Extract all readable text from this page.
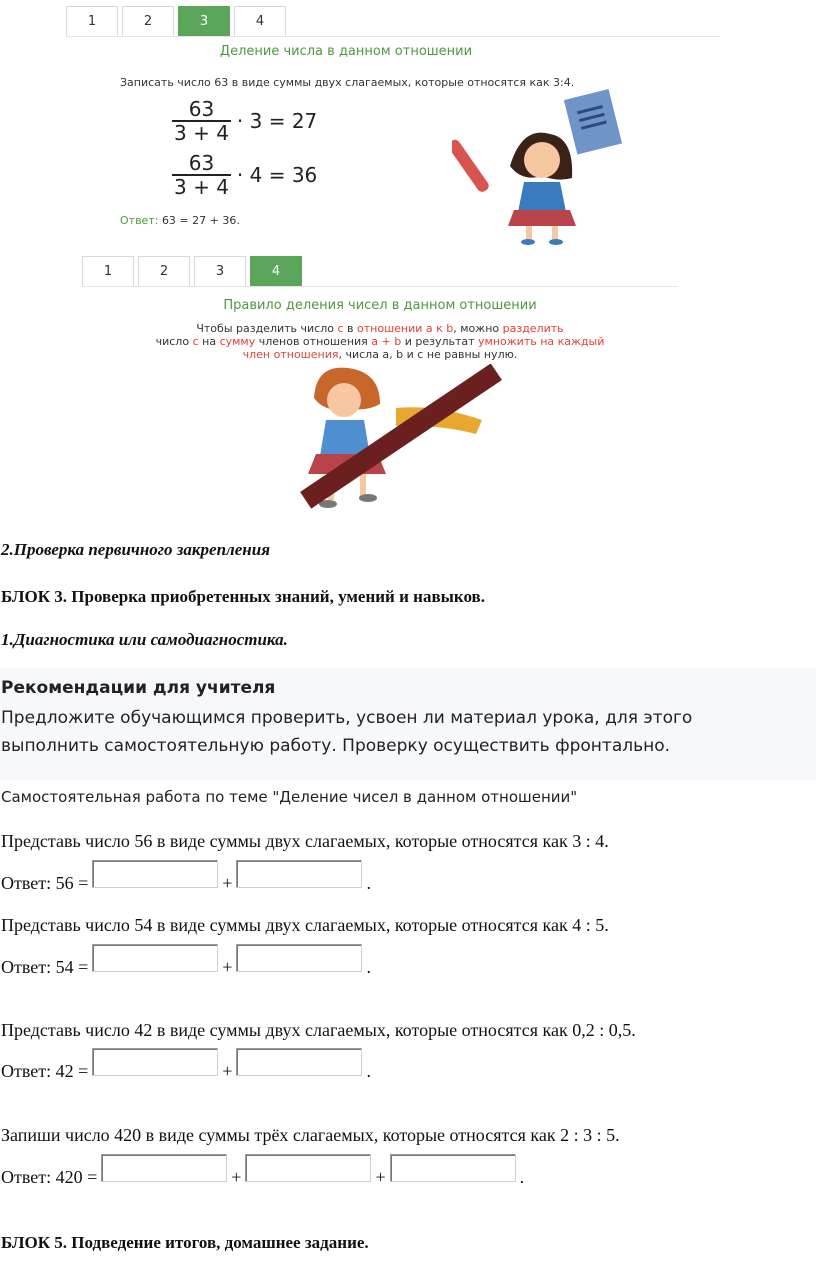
1	2	3	4
Деление числа в данном отношении
Записать число 63 в виде суммы двух слагаемых, которые относятся как 3:4.
$\frac{63}{3 + 4} \cdot 3 = 27$
$\frac{63}{3 + 4} \cdot 4 = 36$
Ответ: 63 = 27 + 36.
1	2	3	4
Правило деления чисел в данном отношении
Чтобы разделить число c в отношении a к b, можно разделить
число c на сумму членов отношения a + b и результат умножить на каждый
член отношения, числа a, b и c не равны нулю.
2.Проверка первичного закрепления
БЛОК 3. Проверка приобретенных знаний, умений и навыков.
1.Диагностика или самодиагностика.
Рекомендации для учителя
Предложите обучающимся проверить, усвоен ли материал урока, для этого
выполнить самостоятельную работу. Проверку осуществить фронтально.
Самостоятельная работа по теме "Деление чисел в данном отношении"
Представь число 56 в виде суммы двух слагаемых, которые относятся как 3 : 4.
Ответ: 56 =	+	.
Представь число 54 в виде суммы двух слагаемых, которые относятся как 4 : 5.
Ответ: 54 =	+	.
Представь число 42 в виде суммы двух слагаемых, которые относятся как 0,2 : 0,5.
Ответ: 42 =	+	.
Запиши число 420 в виде суммы трёх слагаемых, которые относятся как 2 : 3 : 5.
Ответ: 420 =	+	+	.
БЛОК 5. Подведение итогов, домашнее задание.
